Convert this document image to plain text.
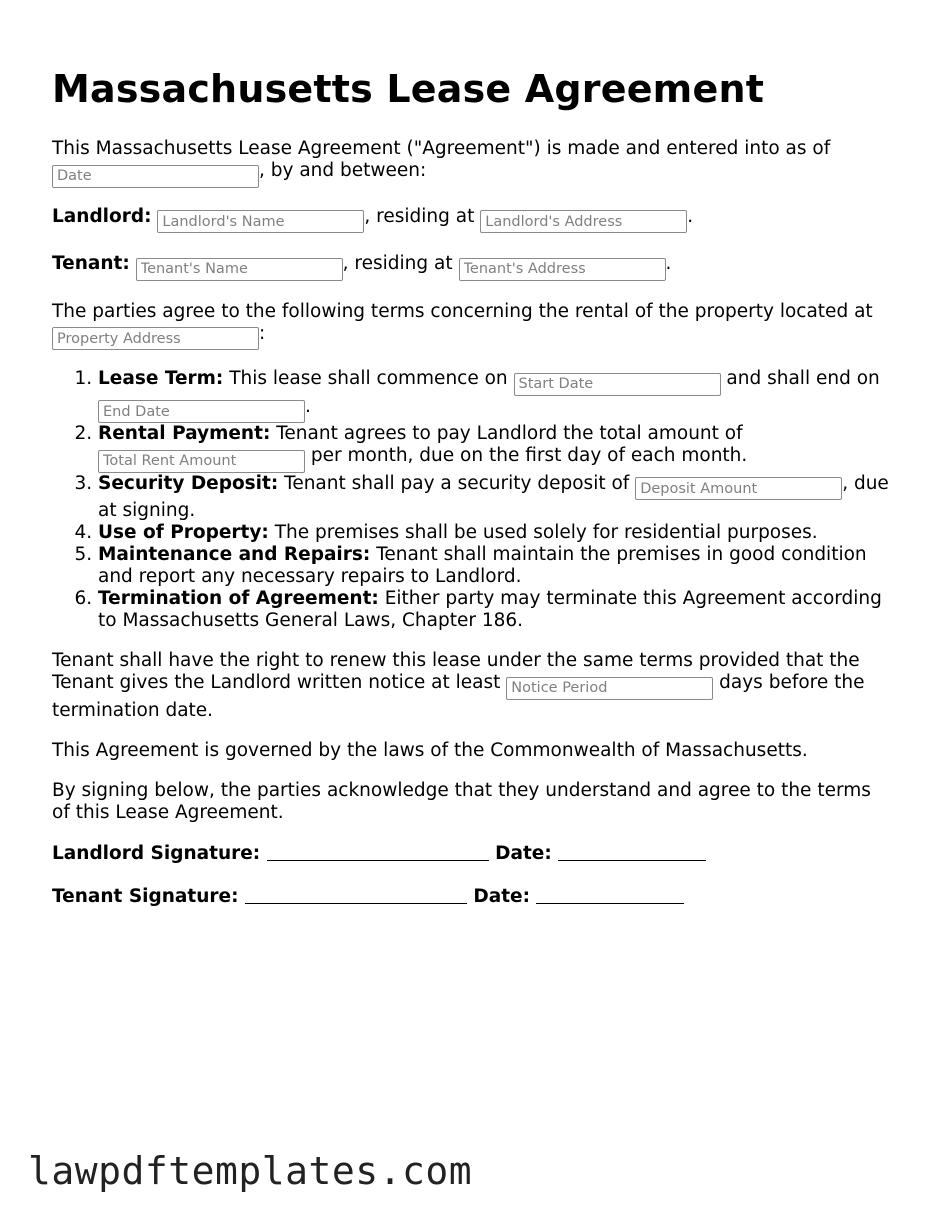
Massachusetts Lease Agreement

This Massachusetts Lease Agreement ("Agreement") is made and entered into as of Date, by and between:

Landlord: Landlord's Name	, residing at Landlord's Address	.

Tenant: Tenant's Name	, residing at Tenant's Address	.

The parties agree to the following terms concerning the rental of the property located at Property Address:

1. Lease Term: This lease shall commence on Start Date	and shall end on End Date.
2. Rental Payment: Tenant agrees to pay Landlord the total amount of Total Rent Amount per month, due on the first day of each month.
3. Security Deposit: Tenant shall pay a security deposit of Deposit Amount	, due at signing.
4. Use of Property: The premises shall be used solely for residential purposes.
5. Maintenance and Repairs: Tenant shall maintain the premises in good condition and report any necessary repairs to Landlord.
6. Termination of Agreement: Either party may terminate this Agreement according to Massachusetts General Laws, Chapter 186.

Tenant shall have the right to renew this lease under the same terms provided that the Tenant gives the Landlord written notice at least Notice Period	days before the termination date.

This Agreement is governed by the laws of the Commonwealth of Massachusetts.

By signing below, the parties acknowledge that they understand and agree to the terms of this Lease Agreement.

Landlord Signature:	Date:
Tenant Signature:	Date:
lawpdftemplates.com
